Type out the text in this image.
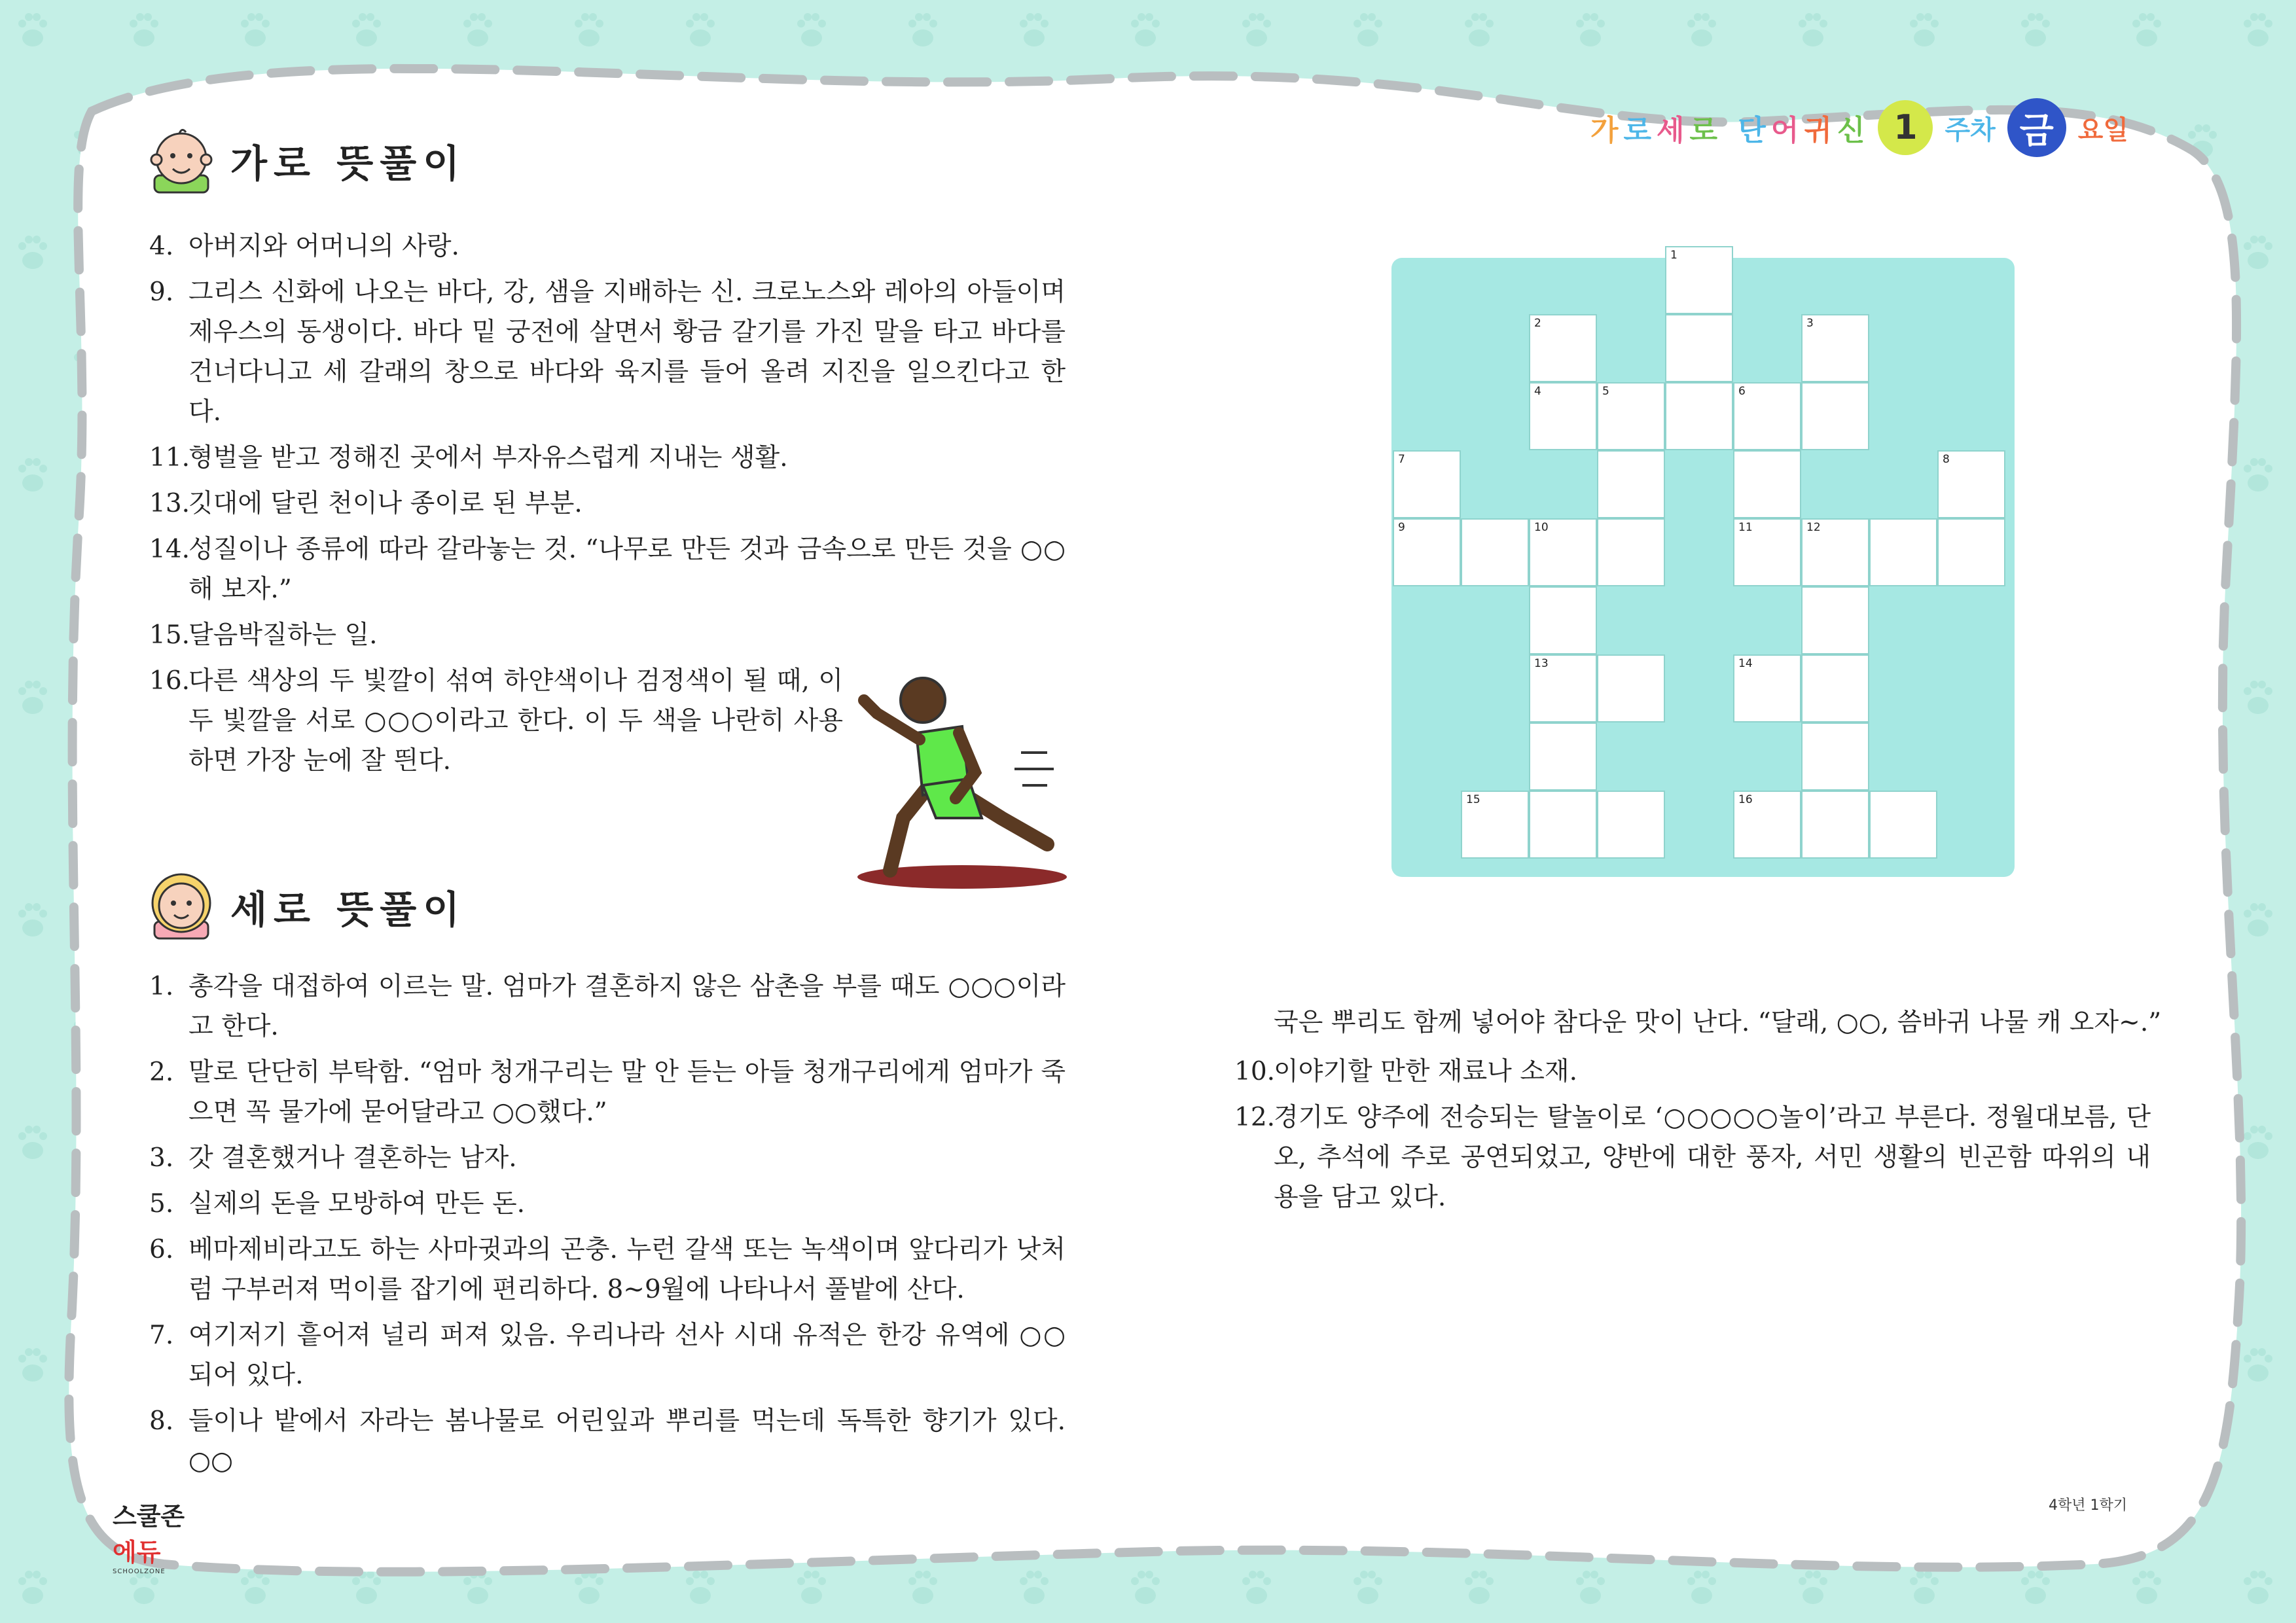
가 로 세 로
단 어 귀 신 1	주차 금 요일
가로 뜻풀이
4. 아버지와 어머니의 사랑.
9. 그리스 신화에 나오는 바다, 강, 샘을 지배하는 신. 크로노스와 레아의 아들이며 제우스의 동생이다. 바다 밑 궁전에 살면서 황금 갈기를 가진 말을 타고 바다를 건너다니고 세 갈래의 창으로 바다와 육지를 들어 올려 지진을 일으킨다고 한다.
11.
형벌을 받고 정해진 곳에서 부자유스럽게 지내는 생활.
13.
깃대에 달린 천이나 종이로 된 부분.
14.
성질이나 종류에 따라 갈라놓는 것. “나무로 만든 것과 금속으로 만든 것을 ○○해 보자.”
15.
달음박질하는 일.
16.
다른 색상의 두 빛깔이 섞여 하얀색이나 검정색이 될 때, 이 두 빛깔을 서로 ○○○이라고 한다. 이 두 색을 나란히 사용하면 가장 눈에 잘 띈다.
세로 뜻풀이
1. 총각을 대접하여 이르는 말. 엄마가 결혼하지 않은 삼촌을 부를 때도 ○○○이라고 한다.
2. 말로 단단히 부탁함. “엄마 청개구리는 말 안 듣는 아들 청개구리에게 엄마가 죽으면 꼭 물가에 묻어달라고 ○○했다.”
3. 갓 결혼했거나 결혼하는 남자.
5. 실제의 돈을 모방하여 만든 돈.
6. 베마제비라고도 하는 사마귓과의 곤충. 누런 갈색 또는 녹색이며 앞다리가 낫처럼 구부러져 먹이를 잡기에 편리하다. 8~9월에 나타나서 풀밭에 산다.
7. 여기저기 흩어져 널리 퍼져 있음. 우리나라 선사 시대 유적은 한강 유역에 ○○되어 있다.
8. 들이나 밭에서 자라는 봄나물로 어린잎과 뿌리를 먹는데 독특한 향기가 있다. ○○
국은 뿌리도 함께 넣어야 참다운 맛이 난다. “달래, ○○, 씀바귀 나물 캐 오자~.”
10.
이야기할 만한 재료나 소재.
12.
경기도 양주에 전승되는 탈놀이로 ‘○○○○○놀이’라고 부른다. 정월대보름, 단오, 추석에 주로 공연되었고, 양반에 대한 풍자, 서민 생활의 빈곤함 따위의 내용을 담고 있다.
1
2	3
4	5	6
7	8
9	10	11	12
13	14
15	16
스쿨존에듀
SCHOOLZONE
4학년 1학기
